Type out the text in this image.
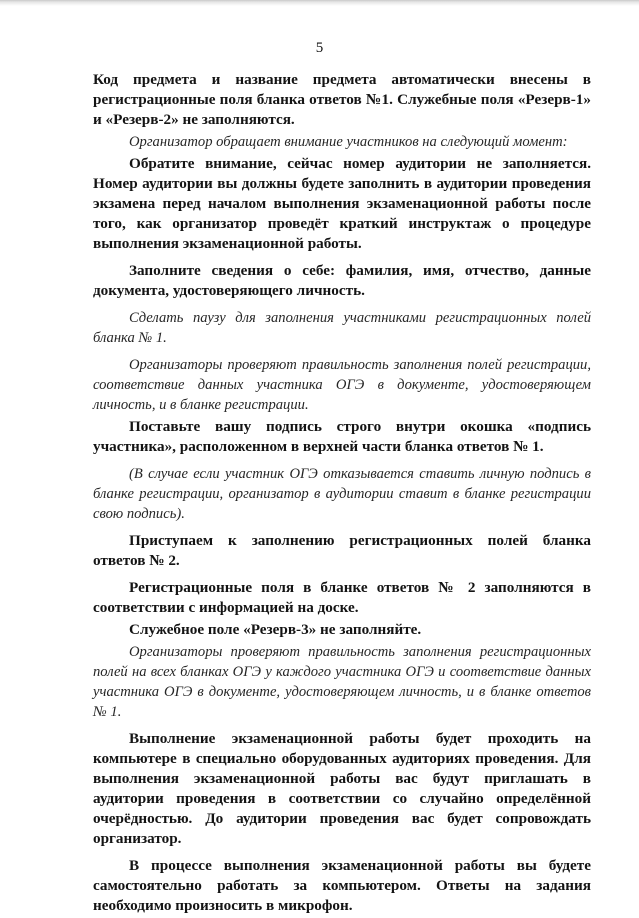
5

Код предмета и название предмета автоматически внесены в регистрационные поля бланка ответов №1. Служебные поля «Резерв-1» и «Резерв-2» не заполняются.

Организатор обращает внимание участников на следующий момент:

Обратите внимание, сейчас номер аудитории не заполняется. Номер аудитории вы должны будете заполнить в аудитории проведения экзамена перед началом выполнения экзаменационной работы после того, как организатор проведёт краткий инструктаж о процедуре выполнения экзаменационной работы.

Заполните сведения о себе: фамилия, имя, отчество, данные документа, удостоверяющего личность.

Сделать паузу для заполнения участниками регистрационных полей бланка № 1.

Организаторы проверяют правильность заполнения полей регистрации, соответствие данных участника ОГЭ в документе, удостоверяющем личность, и в бланке регистрации.

Поставьте вашу подпись строго внутри окошка «подпись участника», расположенном в верхней части бланка ответов № 1.

(В случае если участник ОГЭ отказывается ставить личную подпись в бланке регистрации, организатор в аудитории ставит в бланке регистрации свою подпись).

Приступаем к заполнению регистрационных полей бланка ответов № 2.

Регистрационные поля в бланке ответов № 2 заполняются в соответствии с информацией на доске.

Служебное поле «Резерв-3» не заполняйте.

Организаторы проверяют правильность заполнения регистрационных полей на всех бланках ОГЭ у каждого участника ОГЭ и соответствие данных участника ОГЭ в документе, удостоверяющем личность, и в бланке ответов № 1.

Выполнение экзаменационной работы будет проходить на компьютере в специально оборудованных аудиториях проведения. Для выполнения экзаменационной работы вас будут приглашать в аудитории проведения в соответствии со случайно определённой очерёдностью. До аудитории проведения вас будет сопровождать организатор.

В процессе выполнения экзаменационной работы вы будете самостоятельно работать за компьютером. Ответы на задания необходимо произносить в микрофон.
